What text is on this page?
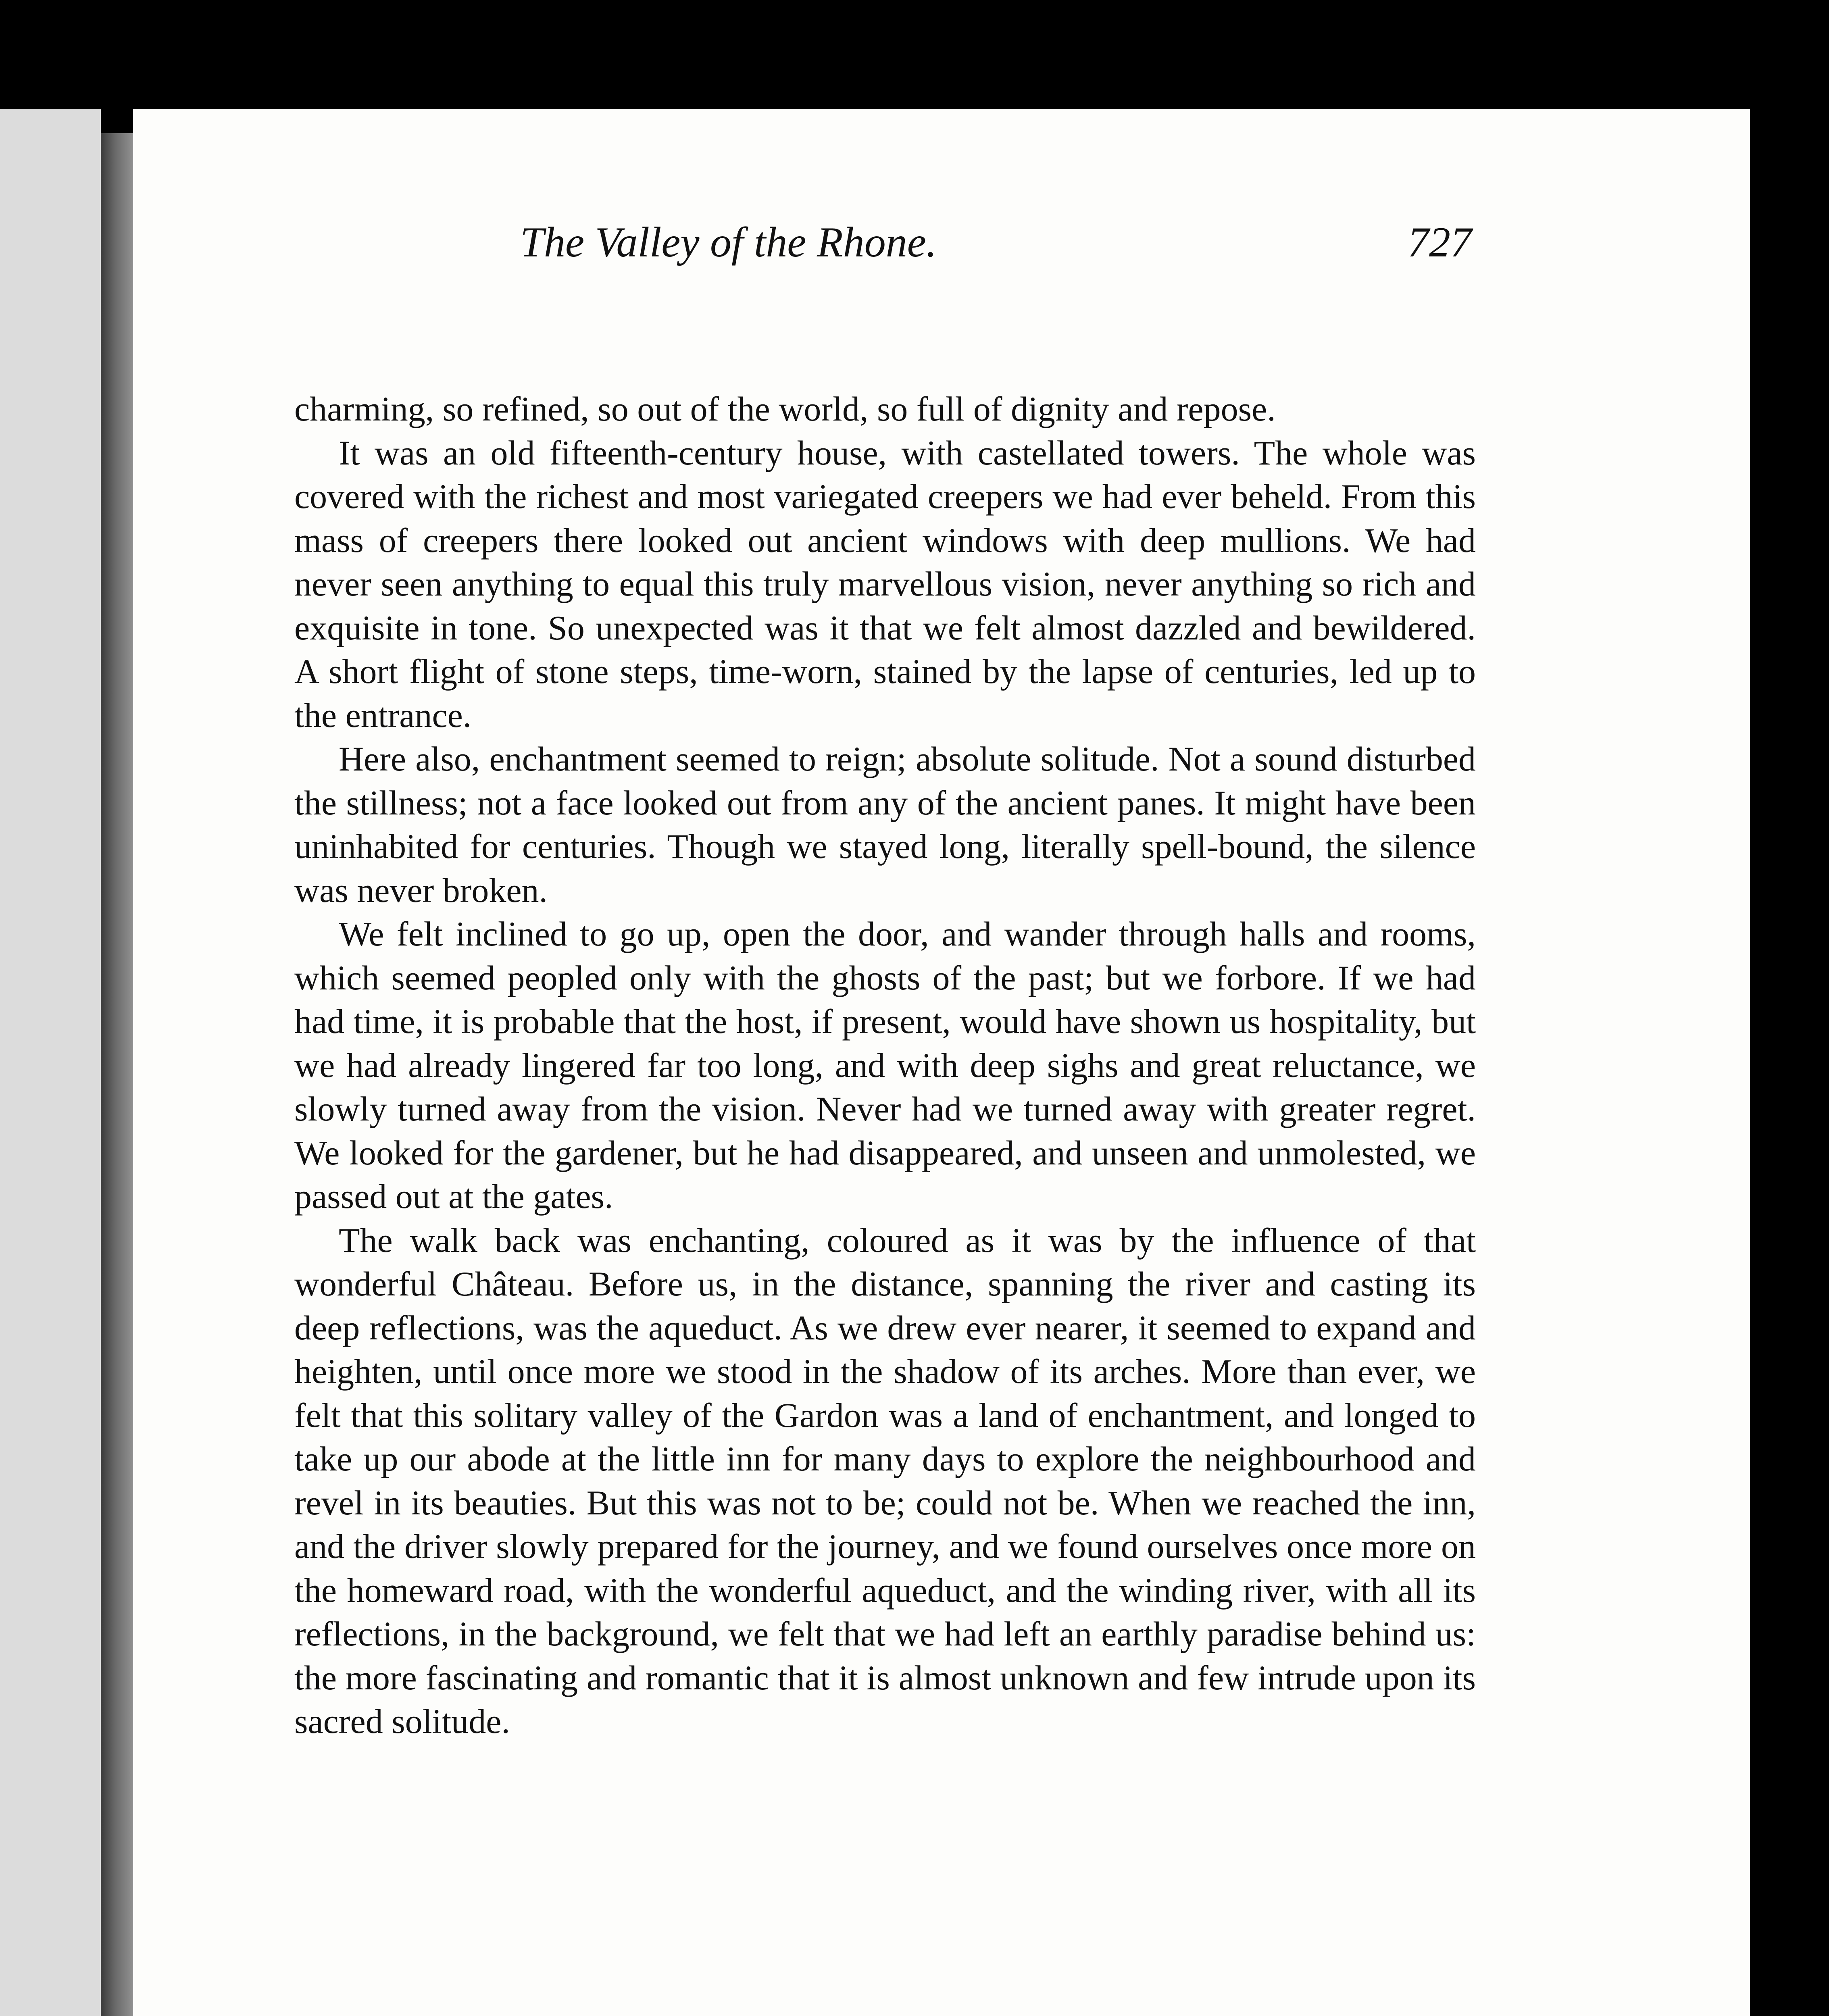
The Valley of the Rhone.	727

charming, so refined, so out of the world, so full of dignity and repose.

It was an old fifteenth-century house, with castellated towers. The whole was covered with the richest and most variegated creepers we had ever beheld. From this mass of creepers there looked out ancient windows with deep mullions. We had never seen anything to equal this truly marvellous vision, never anything so rich and exquisite in tone. So unexpected was it that we felt almost dazzled and bewildered. A short flight of stone steps, time-worn, stained by the lapse of centuries, led up to the entrance.

Here also, enchantment seemed to reign; absolute solitude. Not a sound disturbed the stillness; not a face looked out from any of the ancient panes. It might have been uninhabited for centuries. Though we stayed long, literally spell-bound, the silence was never broken.

We felt inclined to go up, open the door, and wander through halls and rooms, which seemed peopled only with the ghosts of the past; but we forbore. If we had had time, it is probable that the host, if present, would have shown us hospitality, but we had already lingered far too long, and with deep sighs and great reluctance, we slowly turned away from the vision. Never had we turned away with greater regret. We looked for the gardener, but he had disappeared, and unseen and unmolested, we passed out at the gates.

The walk back was enchanting, coloured as it was by the influence of that wonderful Château. Before us, in the distance, spanning the river and casting its deep reflections, was the aqueduct. As we drew ever nearer, it seemed to expand and heighten, until once more we stood in the shadow of its arches. More than ever, we felt that this solitary valley of the Gardon was a land of enchantment, and longed to take up our abode at the little inn for many days to explore the neighbourhood and revel in its beauties. But this was not to be; could not be. When we reached the inn, and the driver slowly prepared for the journey, and we found ourselves once more on the homeward road, with the wonderful aqueduct, and the winding river, with all its reflections, in the background, we felt that we had left an earthly paradise behind us: the more fascinating and romantic that it is almost unknown and few intrude upon its sacred solitude.
